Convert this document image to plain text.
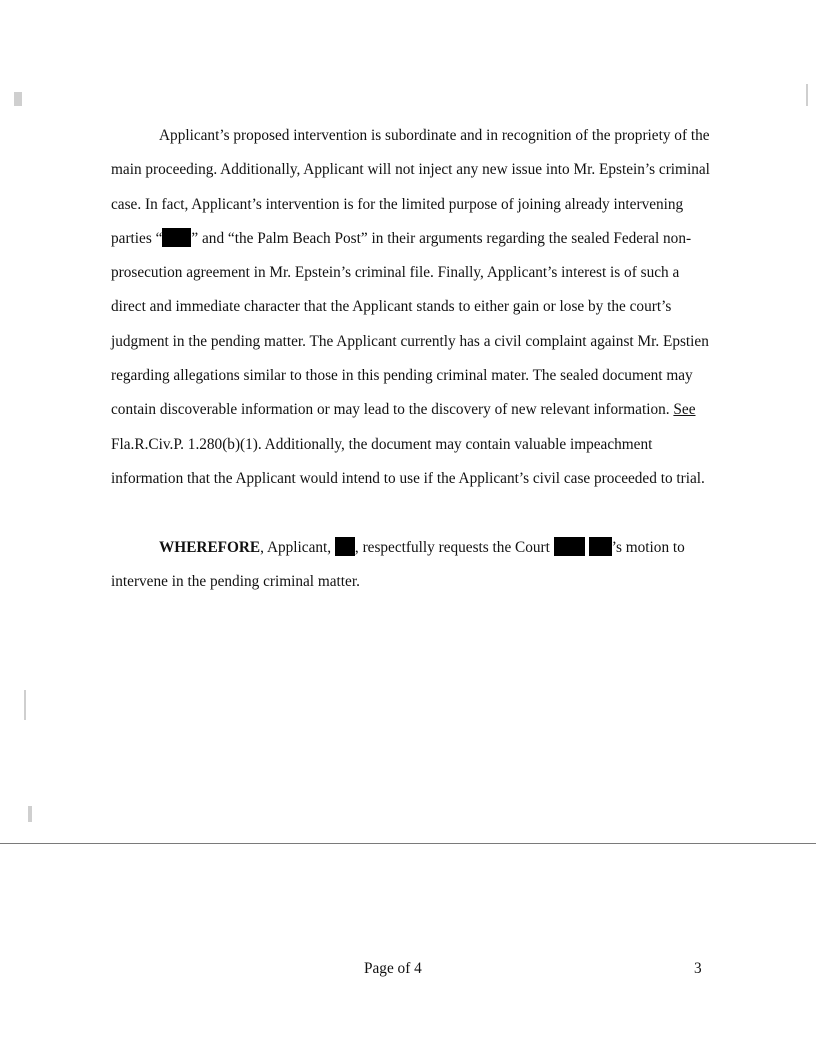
Applicant’s proposed intervention is subordinate and in recognition of the propriety of the main proceeding. Additionally, Applicant will not inject any new issue into Mr. Epstein’s criminal case. In fact, Applicant’s intervention is for the limited purpose of joining already intervening parties “ ” and “the Palm Beach Post” in their arguments regarding the sealed Federal non-prosecution agreement in Mr. Epstein’s criminal file. Finally, Applicant’s interest is of such a direct and immediate character that the Applicant stands to either gain or lose by the court’s judgment in the pending matter. The Applicant currently has a civil complaint against Mr. Epstien regarding allegations similar to those in this pending criminal mater. The sealed document may contain discoverable information or may lead to the discovery of new relevant information. See Fla.R.Civ.P. 1.280(b)(1). Additionally, the document may contain valuable impeachment information that the Applicant would intend to use if the Applicant’s civil case proceeded to trial.

WHEREFORE, Applicant, , respectfully requests the Court	’s motion to intervene in the pending criminal matter.

Page of 4	3
